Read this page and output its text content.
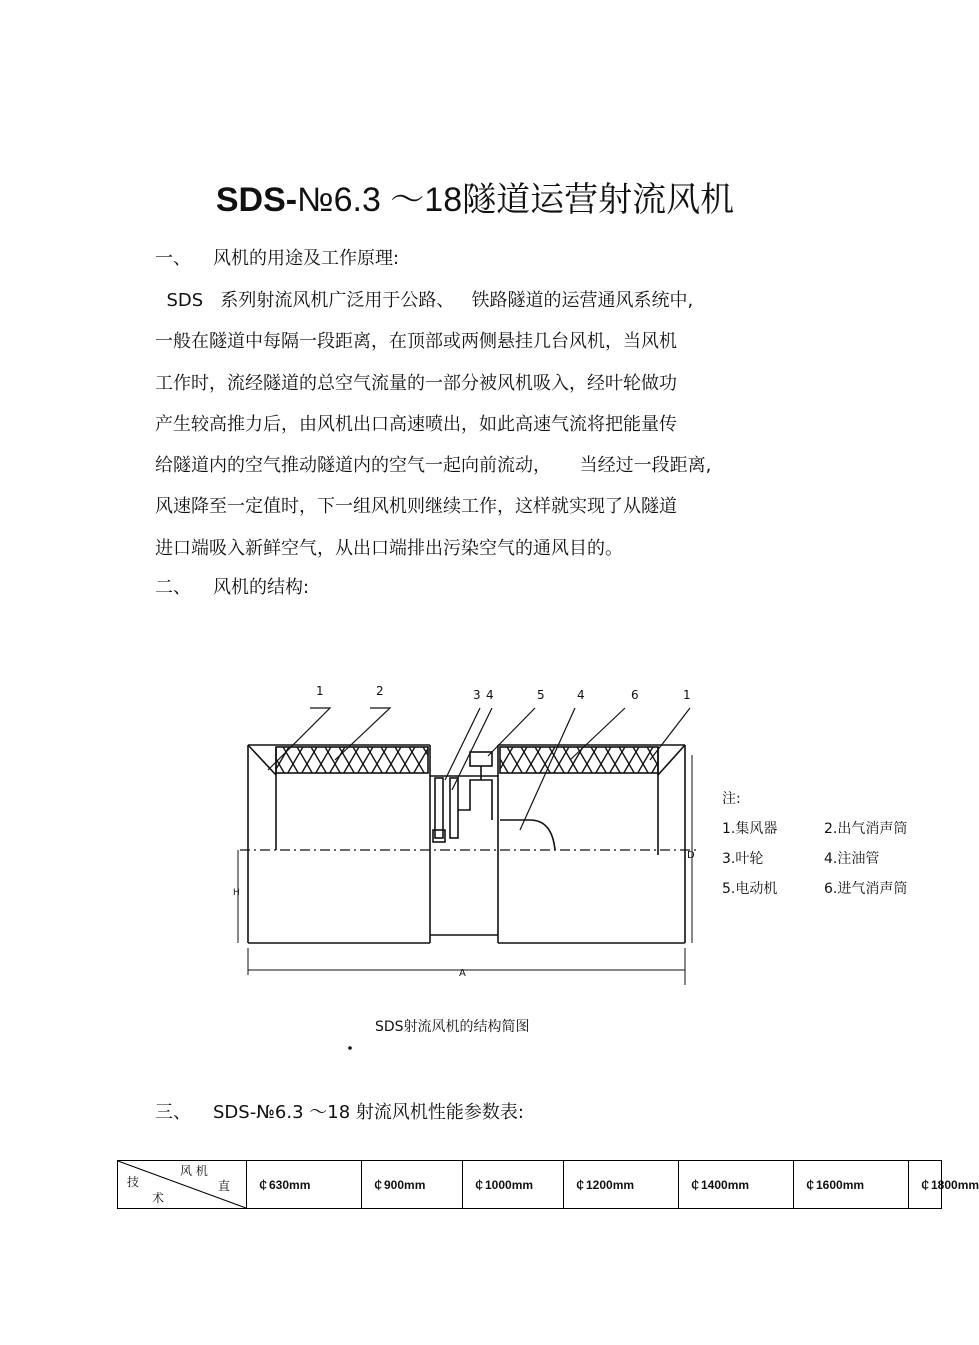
SDS-№6.3 ～18隧道运营射流风机
一、 风机的用途及工作原理:
SDS   系列射流风机广泛用于公路、   铁路隧道的运营通风系统中,
一般在隧道中每隔一段距离，在顶部或两侧悬挂几台风机，当风机
工作时，流经隧道的总空气流量的一部分被风机吸入，经叶轮做功
产生较高推力后，由风机出口高速喷出，如此高速气流将把能量传
给隧道内的空气推动隧道内的空气一起向前流动，     当经过一段距离,
风速降至一定值时，下一组风机则继续工作，这样就实现了从隧道
进口端吸入新鲜空气，从出口端排出污染空气的通风目的。
二、 风机的结构:
1	2	3 4	5	4	6	1
H
D
A
注:
1.集风器	2.出气消声筒
3.叶轮	4.注油管
5.电动机	6.进气消声筒
SDS射流风机的结构简图
三、 SDS-№6.3 ～18 射流风机性能参数表:
风 机
直
技
术
	￠630mm	￠900mm	￠1000mm	￠1200mm	￠1400mm	￠1600mm	￠1800mm
